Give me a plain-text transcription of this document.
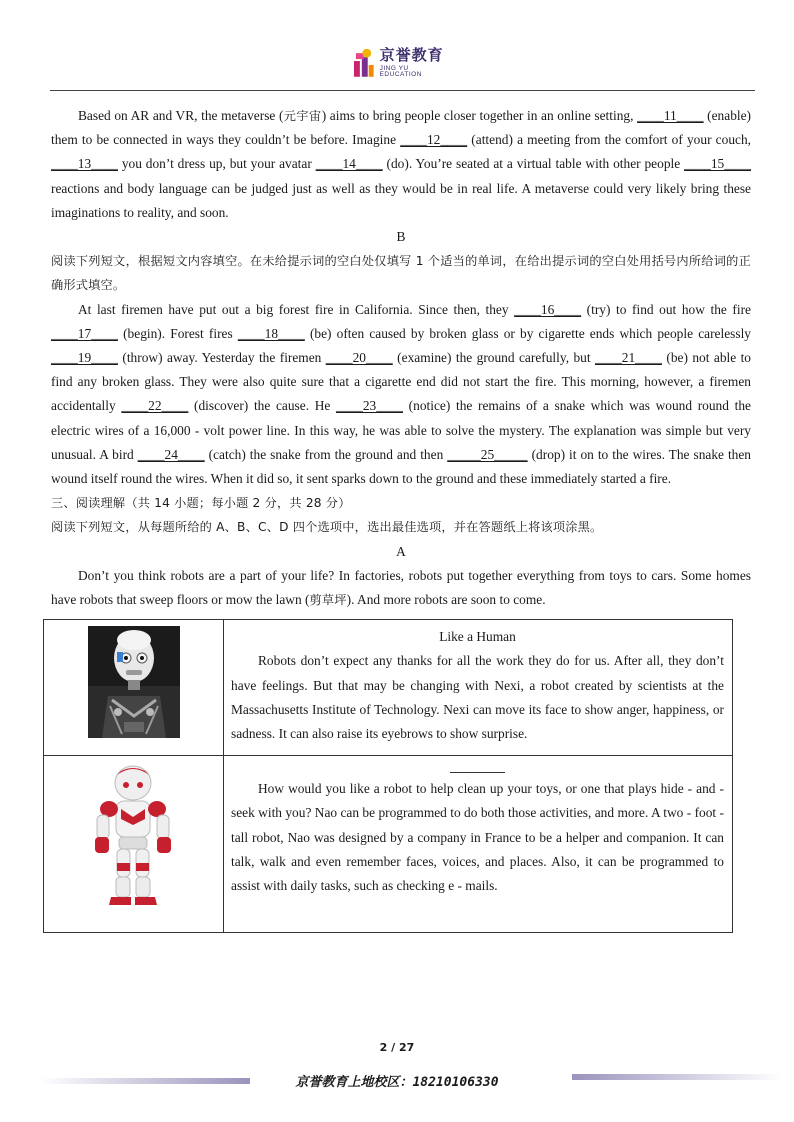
京誉教育
JING YU EDUCATION

Based on AR and VR, the metaverse (元宇宙) aims to bring people closer together in an online setting, ____11____ (enable) them to be connected in ways they couldn’t be before. Imagine ____12____ (attend) a meeting from the comfort of your couch, ____13____ you don’t dress up, but your avatar ____14____ (do). You’re seated at a virtual table with other people ____15____ reactions and body language can be judged just as well as they would be in real life. A metaverse could very likely bring these imaginations to reality, and soon.

B

阅读下列短文，根据短文内容填空。在未给提示词的空白处仅填写 1 个适当的单词，在给出提示词的空白处用括号内所给词的正确形式填空。

At last firemen have put out a big forest fire in California. Since then, they ____16____ (try) to find out how the fire ____17____ (begin). Forest fires ____18____ (be) often caused by broken glass or by cigarette ends which people carelessly ____19____ (throw) away. Yesterday the firemen ____20____ (examine) the ground carefully, but ____21____ (be) not able to find any broken glass. They were also quite sure that a cigarette end did not start the fire. This morning, however, a firemen accidentally ____22____ (discover) the cause. He ____23____ (notice) the remains of a snake which was wound round the electric wires of a 16,000 - volt power line. In this way, he was able to solve the mystery. The explanation was simple but very unusual. A bird ____24____ (catch) the snake from the ground and then _____25_____ (drop) it on to the wires. The snake then wound itself round the wires. When it did so, it sent sparks down to the ground and these immediately started a fire.

三、阅读理解（共 14 小题；每小题 2 分，共 28 分）

阅读下列短文，从每题所给的 A、B、C、D 四个选项中，选出最佳选项，并在答题纸上将该项涂黑。

A

Don’t you think robots are a part of your life? In factories, robots put together everything from toys to cars. Some homes have robots that sweep floors or mow the lawn (剪草坪). And more robots are soon to come.

Like a Human

Robots don’t expect any thanks for all the work they do for us. After all, they don’t have feelings. But that may be changing with Nexi, a robot created by scientists at the Massachusetts Institute of Technology. Nexi can move its face to show anger, happiness, or sadness. It can also raise its eyebrows to show surprise.

How would you like a robot to help clean up your toys, or one that plays hide - and - seek with you? Nao can be programmed to do both those activities, and more. A two - foot - tall robot, Nao was designed by a company in France to be a helper and companion. It can talk, walk and even remember faces, voices, and places. Also, it can be programmed to assist with daily tasks, such as checking e - mails.

2 / 27
京誉教育上地校区：18210106330
